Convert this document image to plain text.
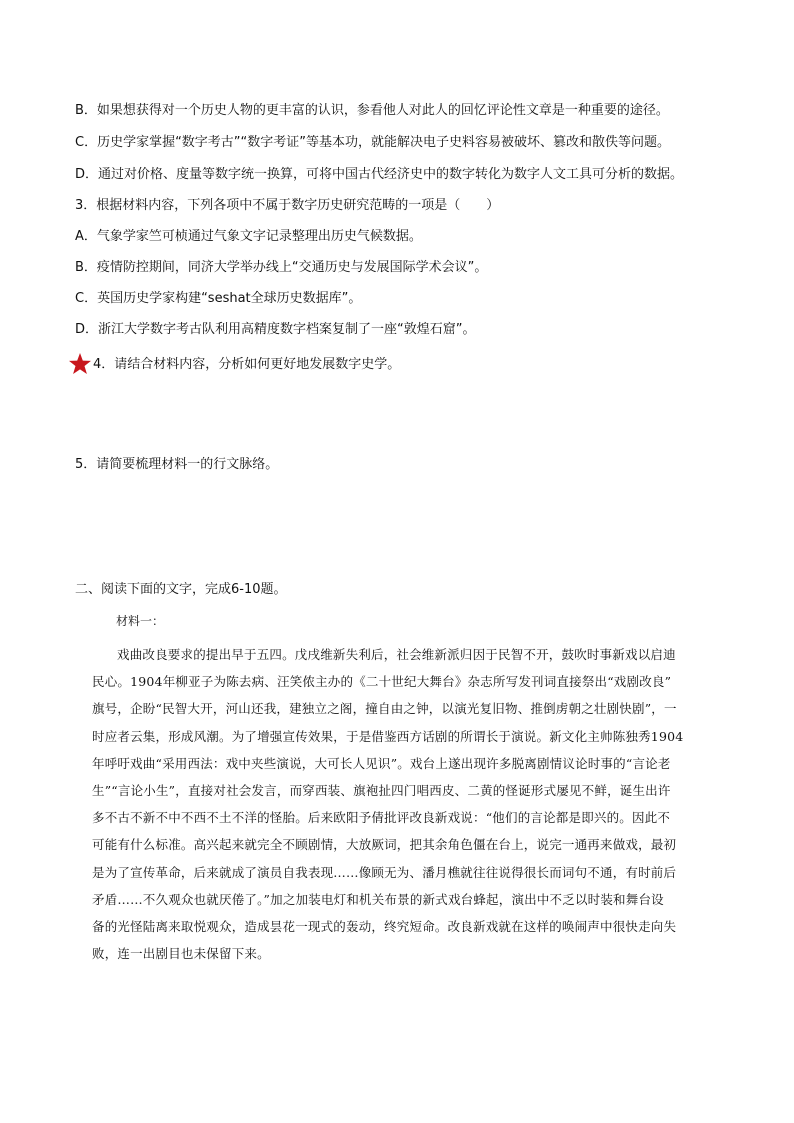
B．如果想获得对一个历史人物的更丰富的认识，参看他人对此人的回忆评论性文章是一种重要的途径。
C．历史学家掌握“数字考古”“数字考证”等基本功，就能解决电子史料容易被破坏、篡改和散佚等问题。
D．通过对价格、度量等数字统一换算，可将中国古代经济史中的数字转化为数字人文工具可分析的数据。
3．根据材料内容，下列各项中不属于数字历史研究范畴的一项是（　　）
A．气象学家竺可桢通过气象文字记录整理出历史气候数据。
B．疫情防控期间，同济大学举办线上“交通历史与发展国际学术会议”。
C．英国历史学家构建“seshat全球历史数据库”。
D．浙江大学数字考古队利用高精度数字档案复制了一座“敦煌石窟”。
4．请结合材料内容，分析如何更好地发展数字史学。
5．请简要梳理材料一的行文脉络。
二、阅读下面的文字，完成6-10题。
材料一：
戏曲改良要求的提出早于五四。戊戌维新失利后，社会维新派归因于民智不开，鼓吹时事新戏以启迪
民心。1904年柳亚子为陈去病、汪笑侬主办的《二十世纪大舞台》杂志所写发刊词直接祭出“戏剧改良”
旗号，企盼“民智大开，河山还我，建独立之阁，撞自由之钟，以演光复旧物、推倒虏朝之壮剧快剧”，一
时应者云集，形成风潮。为了增强宣传效果，于是借鉴西方话剧的所谓长于演说。新文化主帅陈独秀1904
年呼吁戏曲“采用西法：戏中夹些演说，大可长人见识”。戏台上遂出现许多脱离剧情议论时事的“言论老
生”“言论小生”，直接对社会发言，而穿西装、旗袍扯四门唱西皮、二黄的怪诞形式屡见不鲜，诞生出许
多不古不新不中不西不土不洋的怪胎。后来欧阳予倩批评改良新戏说：“他们的言论都是即兴的。因此不
可能有什么标准。高兴起来就完全不顾剧情，大放厥词，把其余角色僵在台上，说完一通再来做戏，最初
是为了宣传革命，后来就成了演员自我表现……像顾无为、潘月樵就往往说得很长而词句不通，有时前后
矛盾……不久观众也就厌倦了。”加之加装电灯和机关布景的新式戏台蜂起，演出中不乏以时装和舞台设
备的光怪陆离来取悦观众，造成昙花一现式的轰动，终究短命。改良新戏就在这样的唤闹声中很快走向失
败，连一出剧目也未保留下来。
